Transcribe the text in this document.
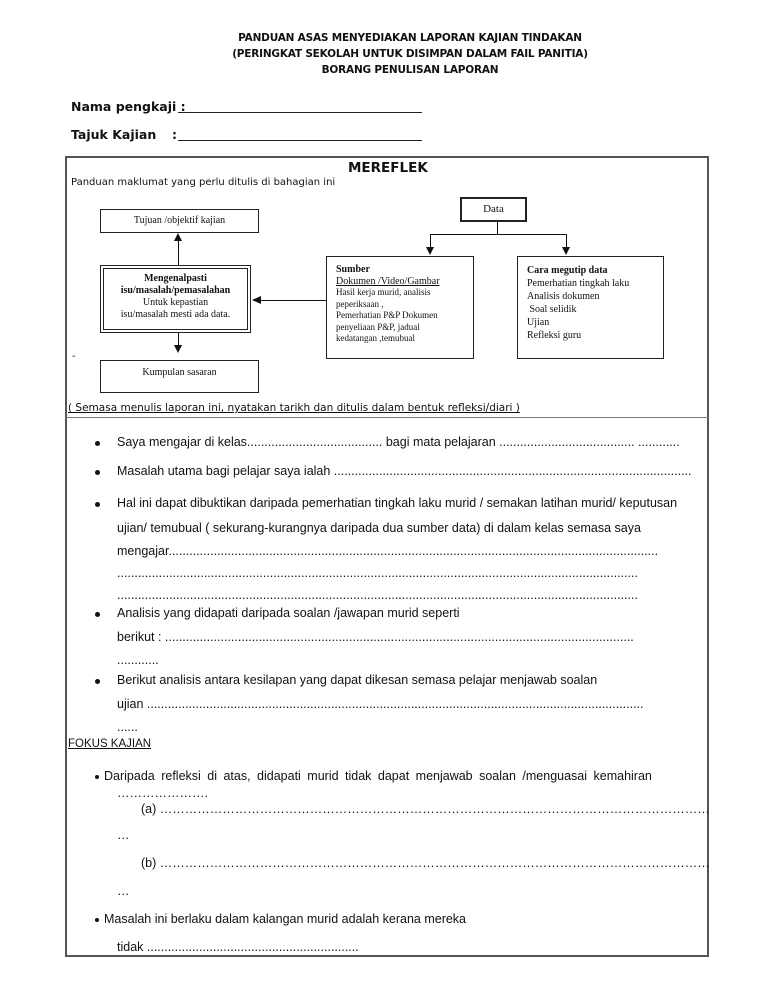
PANDUAN ASAS MENYEDIAKAN LAPORAN KAJIAN TINDAKAN
(PERINGKAT SEKOLAH UNTUK DISIMPAN DALAM FAIL PANITIA)
BORANG PENULISAN LAPORAN
Nama pengkaji :
Tajuk Kajian :
MEREFLEK
Panduan maklumat yang perlu ditulis di bahagian ini
Tujuan /objektif kajian
Mengenalpasti
isu/masalah/pemasalahan
Untuk kepastian
isu/masalah mesti ada data.
-
Kumpulan sasaran
Data
Sumber
Dokumen /Video/Gambar
Hasil kerja murid, analisis
peperiksaan ,
Pemerhatian P&P Dokumen
penyeliaan P&P, jadual
kedatangan ,temubual
Cara megutip data
Pemerhatian tingkah laku
Analisis dokumen
Soal selidik
Ujian
Refleksi guru
( Semasa menulis laporan ini, nyatakan tarikh dan ditulis dalam bentuk refleksi/diari )
Saya mengajar di kelas....................................... bagi mata pelajaran ....................................... ............
Masalah utama bagi pelajar saya ialah .......................................................................................................
Hal ini dapat dibuktikan daripada pemerhatian tingkah laku murid / semakan latihan murid/ keputusan
ujian/ temubual ( sekurang-kurangnya daripada dua sumber data) di dalam kelas semasa saya
mengajar.............................................................................................................................................
......................................................................................................................................................
......................................................................................................................................................
Analisis yang didapati daripada soalan /jawapan murid seperti
berikut : .......................................................................................................................................
............
Berikut analisis antara kesilapan yang dapat dikesan semasa pelajar menjawab soalan
ujian ...............................................................................................................................................
......
FOKUS KAJIAN
Daripada refleksi di atas, didapati murid tidak dapat menjawab soalan /menguasai kemahiran
………………….
(a) ……………………………………………………………………………………………………………………
…
(b) ……………………………………………………………………………………………………………………
…
Masalah ini berlaku dalam kalangan murid adalah kerana mereka
tidak .............................................................
